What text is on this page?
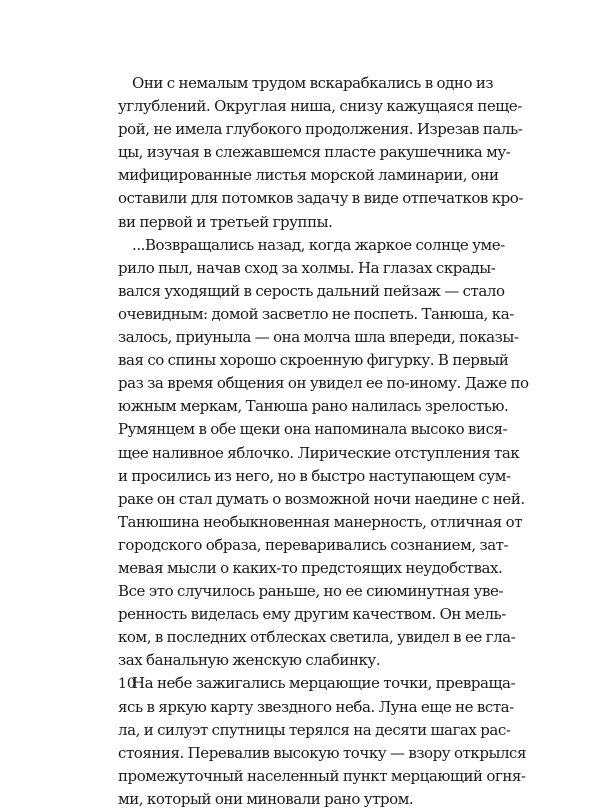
Они с немалым трудом вскарабкались в одно из
углублений. Округлая ниша, снизу кажущаяся пеще-
рой, не имела глубокого продолжения. Изрезав паль-
цы, изучая в слежавшемся пласте ракушечника му-
мифицированные листья морской ламинарии, они
оставили для потомков задачу в виде отпечатков кро-
ви первой и третьей группы.
...Возвращались назад, когда жаркое солнце уме-
рило пыл, начав сход за холмы. На глазах скрады-
вался уходящий в серость дальний пейзаж — стало
очевидным: домой засветло не поспеть. Танюша, ка-
залось, приуныла — она молча шла впереди, показы-
вая со спины хорошо скроенную фигурку. В первый
раз за время общения он увидел ее по-иному. Даже по
южным меркам, Танюша рано налилась зрелостью.
Румянцем в обе щеки она напоминала высоко вися-
щее наливное яблочко. Лирические отступления так
и просились из него, но в быстро наступающем сум-
раке он стал думать о возможной ночи наедине с ней.
Танюшина необыкновенная манерность, отличная от
городского образа, переваривались сознанием, зат-
мевая мысли о каких-то предстоящих неудобствах.
Все это случилось раньше, но ее сиюминутная уве-
ренность виделась ему другим качеством. Он мель-
ком, в последних отблесках светила, увидел в ее гла-
зах банальную женскую слабинку.
На небе зажигались мерцающие точки, превраща-
ясь в яркую карту звездного неба. Луна еще не вста-
ла, и силуэт спутницы терялся на десяти шагах рас-
стояния. Перевалив высокую точку — взору открылся
промежуточный населенный пункт мерцающий огня-
ми, который они миновали рано утром.
10
